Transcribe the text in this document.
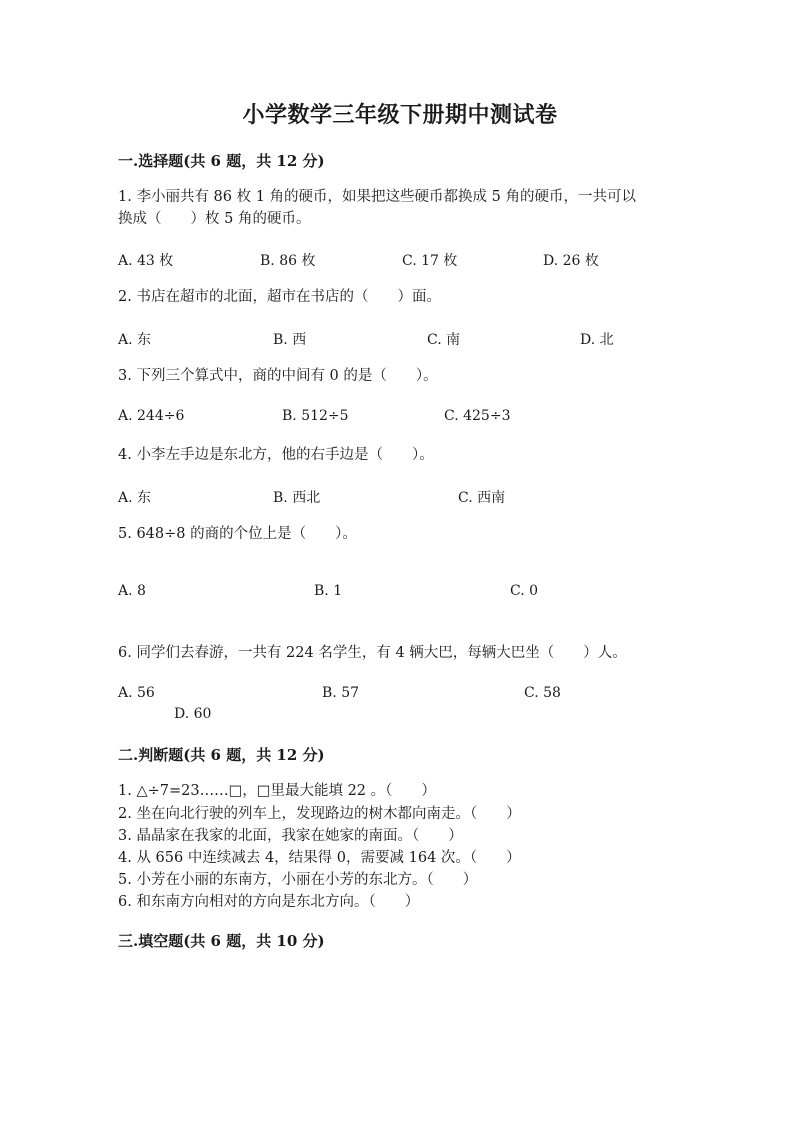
小学数学三年级下册期中测试卷
一.选择题(共 6 题，共 12 分)
1. 李小丽共有 86 枚 1 角的硬币，如果把这些硬币都换成 5 角的硬币，一共可以
换成（　　）枚 5 角的硬币。
A. 43 枚	B. 86 枚	C. 17 枚	D. 26 枚
2. 书店在超市的北面，超市在书店的（　　）面。
A. 东	B. 西	C. 南	D. 北
3. 下列三个算式中，商的中间有 0 的是（　　）。
A. 244÷6	B. 512÷5	C. 425÷3
4. 小李左手边是东北方，他的右手边是（　　）。
A. 东	B. 西北	C. 西南
5. 648÷8 的商的个位上是（　　）。
A. 8	B. 1	C. 0
6. 同学们去春游，一共有 224 名学生，有 4 辆大巴，每辆大巴坐（　　）人。
A. 56	B. 57	C. 58
D. 60
二.判断题(共 6 题，共 12 分)
1. △÷7=23……□，□里最大能填 22 。（　　）
2. 坐在向北行驶的列车上，发现路边的树木都向南走。（　　）
3. 晶晶家在我家的北面，我家在她家的南面。（　　）
4. 从 656 中连续减去 4，结果得 0，需要减 164 次。（　　）
5. 小芳在小丽的东南方，小丽在小芳的东北方。（　　）
6. 和东南方向相对的方向是东北方向。（　　）
三.填空题(共 6 题，共 10 分)
